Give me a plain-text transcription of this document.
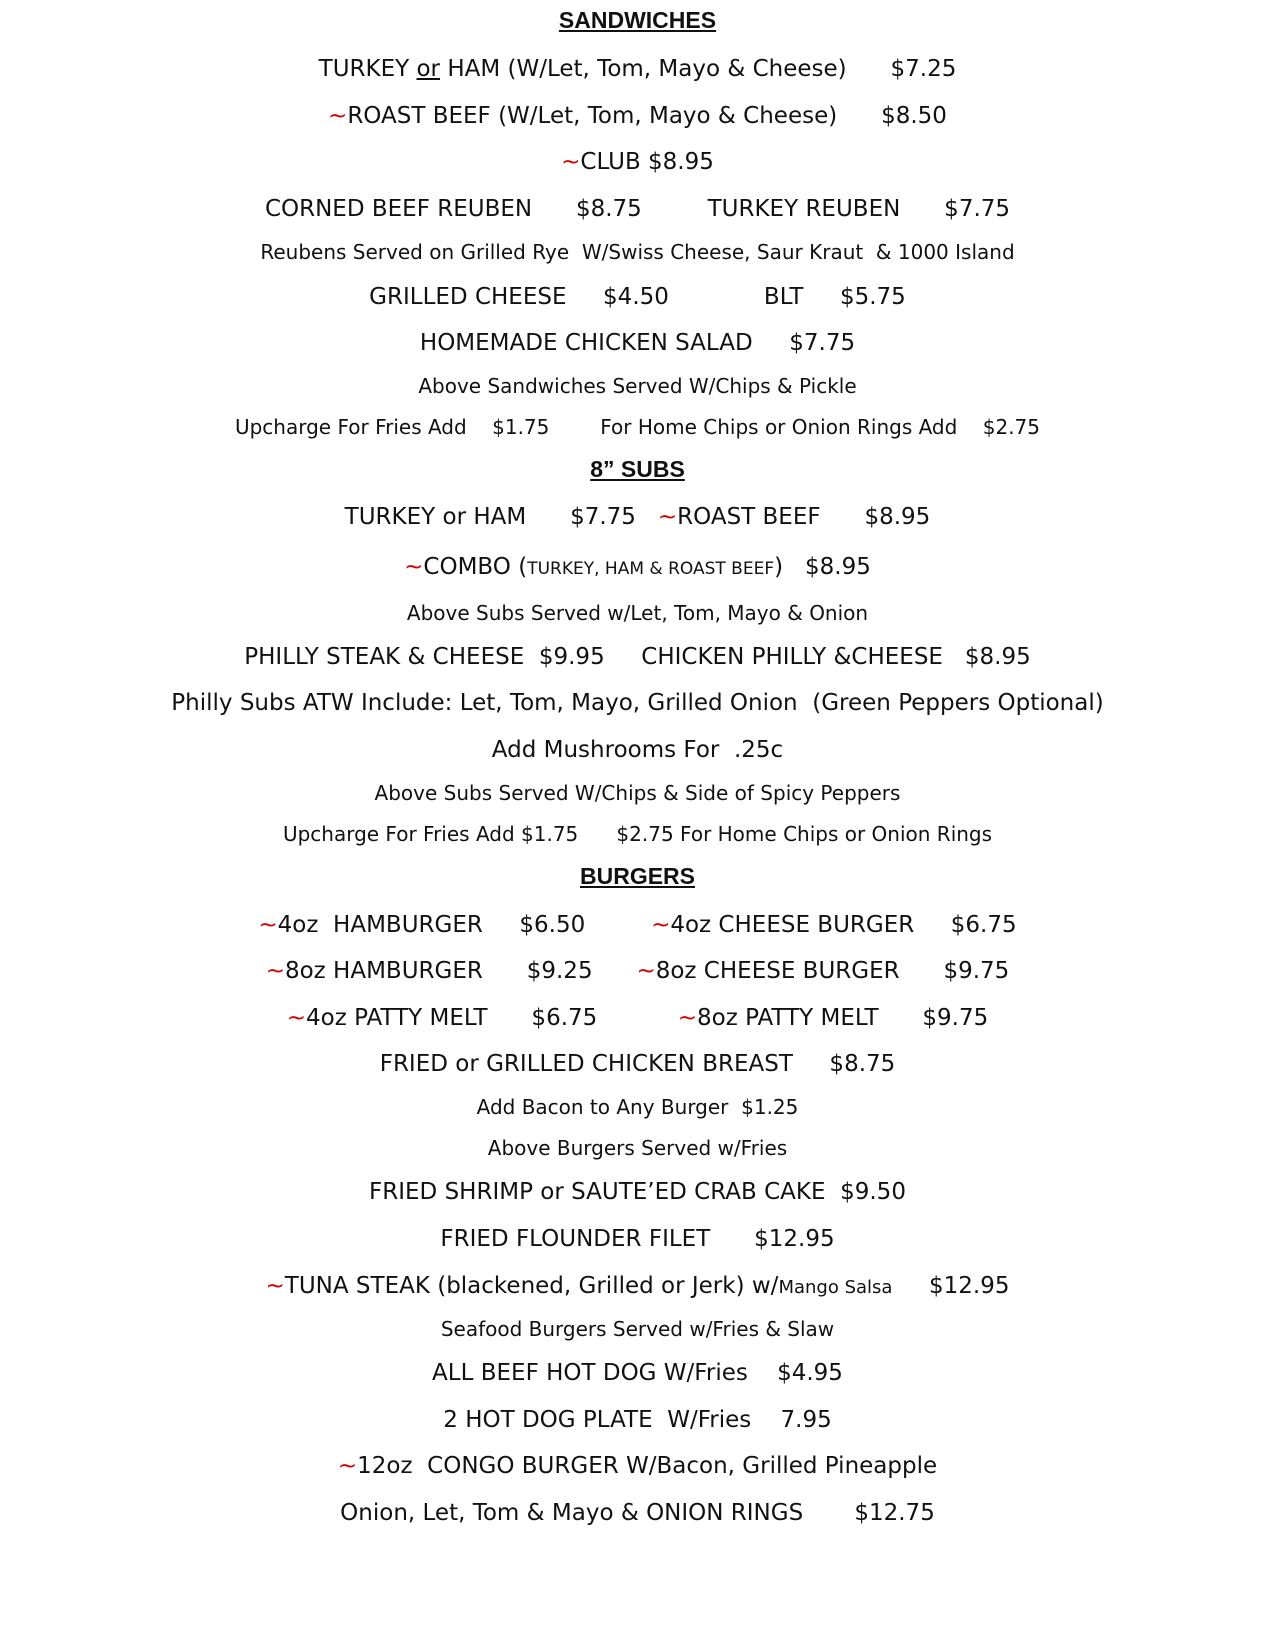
SANDWICHES
TURKEY or HAM (W/Let, Tom, Mayo & Cheese)      $7.25
~ROAST BEEF (W/Let, Tom, Mayo & Cheese)      $8.50
~CLUB $8.95
CORNED BEEF REUBEN      $8.75         TURKEY REUBEN      $7.75
Reubens Served on Grilled Rye  W/Swiss Cheese, Saur Kraut  & 1000 Island
GRILLED CHEESE     $4.50             BLT     $5.75
HOMEMADE CHICKEN SALAD     $7.75
Above Sandwiches Served W/Chips & Pickle
Upcharge For Fries Add    $1.75        For Home Chips or Onion Rings Add    $2.75
8” SUBS
TURKEY or HAM      $7.75   ~ROAST BEEF      $8.95
~COMBO (TURKEY, HAM & ROAST BEEF)   $8.95
Above Subs Served w/Let, Tom, Mayo & Onion
PHILLY STEAK & CHEESE  $9.95     CHICKEN PHILLY &CHEESE   $8.95
Philly Subs ATW Include: Let, Tom, Mayo, Grilled Onion  (Green Peppers Optional)
Add Mushrooms For  .25c
Above Subs Served W/Chips & Side of Spicy Peppers
Upcharge For Fries Add $1.75      $2.75 For Home Chips or Onion Rings
BURGERS
~4oz  HAMBURGER     $6.50         ~4oz CHEESE BURGER     $6.75
~8oz HAMBURGER      $9.25      ~8oz CHEESE BURGER      $9.75
~4oz PATTY MELT      $6.75           ~8oz PATTY MELT      $9.75
FRIED or GRILLED CHICKEN BREAST     $8.75
Add Bacon to Any Burger  $1.25
Above Burgers Served w/Fries
FRIED SHRIMP or SAUTE’ED CRAB CAKE  $9.50
FRIED FLOUNDER FILET      $12.95
~TUNA STEAK (blackened, Grilled or Jerk) w/Mango Salsa     $12.95
Seafood Burgers Served w/Fries & Slaw
ALL BEEF HOT DOG W/Fries    $4.95
2 HOT DOG PLATE  W/Fries    7.95
~12oz  CONGO BURGER W/Bacon, Grilled Pineapple
Onion, Let, Tom & Mayo & ONION RINGS       $12.75
